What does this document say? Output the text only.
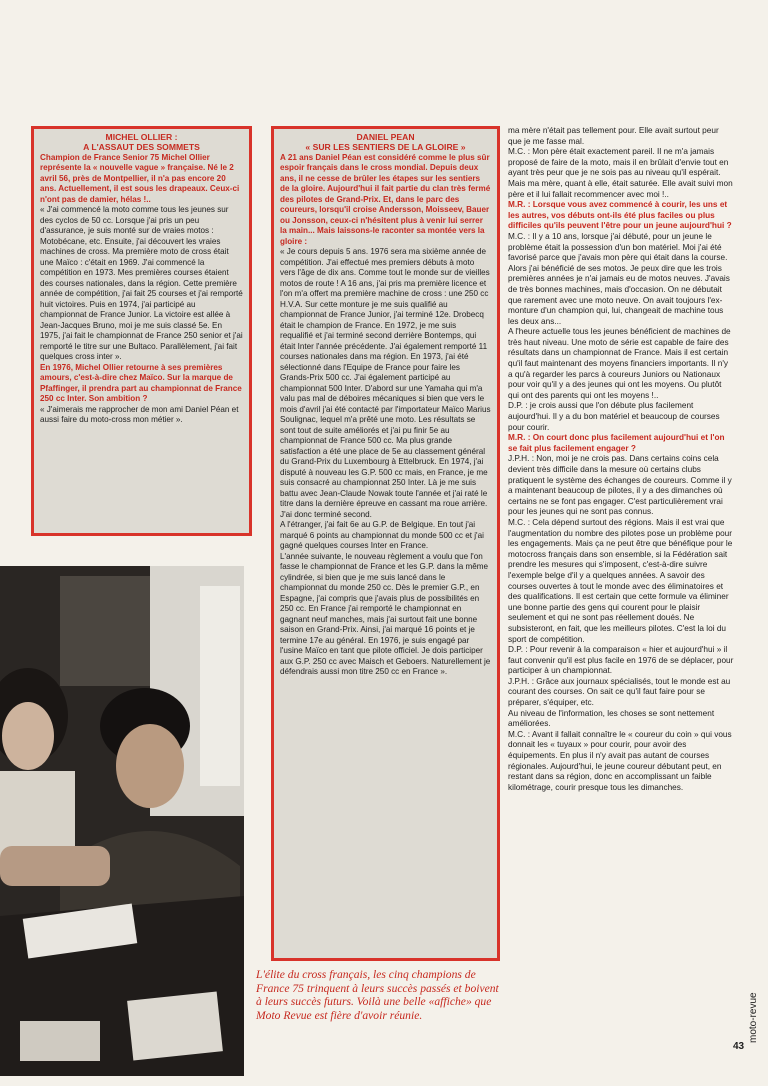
MICHEL OLLIER :
A L'ASSAUT DES SOMMETS

Champion de France Senior 75 Michel Ollier représente la « nouvelle vague » française. Né le 2 avril 56, près de Montpellier, il n'a pas encore 20 ans. Actuellement, il est sous les drapeaux. Ceux-ci n'ont pas de damier, hélas !..

« J'ai commencé la moto comme tous les jeunes sur des cyclos de 50 cc. Lorsque j'ai pris un peu d'assurance, je suis monté sur de vraies motos : Motobécane, etc. Ensuite, j'ai découvert les vraies machines de cross. Ma première moto de cross était une Maïco : c'était en 1969. J'ai commencé la compétition en 1973. Mes premières courses étaient des courses nationales, dans la région. Cette première année de compétition, j'ai fait 25 courses et j'ai remporté huit victoires. Puis en 1974, j'ai participé au championnat de France Junior. La victoire est allée à Jean-Jacques Bruno, moi je me suis classé 5e. En 1975, j'ai fait le championnat de France 250 senior et j'ai remporté le titre sur une Bultaco. Parallèlement, j'ai fait quelques cross inter ».

En 1976, Michel Ollier retourne à ses premières amours, c'est-à-dire chez Maïco. Sur la marque de Pfaffinger, il prendra part au championnat de France 250 cc Inter. Son ambition ?

« J'aimerais me rapprocher de mon ami Daniel Péan et aussi faire du moto-cross mon métier ».

DANIEL PEAN
« SUR LES SENTIERS DE LA GLOIRE »

A 21 ans Daniel Péan est considéré comme le plus sûr espoir français dans le cross mondial. Depuis deux ans, il ne cesse de brûler les étapes sur les sentiers de la gloire. Aujourd'hui il fait partie du clan très fermé des pilotes de Grand-Prix. Et, dans le parc des coureurs, lorsqu'il croise Andersson, Moisseev, Bauer ou Jonsson, ceux-ci n'hésitent plus à venir lui serrer la main... Mais laissons-le raconter sa montée vers la gloire :

« Je cours depuis 5 ans. 1976 sera ma sixième année de compétition. J'ai effectué mes premiers débuts à moto vers l'âge de dix ans. Comme tout le monde sur de vieilles motos de route ! A 16 ans, j'ai pris ma première licence et l'on m'a offert ma première machine de cross : une 250 cc H.V.A. Sur cette monture je me suis qualifié au championnat de France Junior, j'ai terminé 12e. Drobecq était le champion de France. En 1972, je me suis requalifié et j'ai terminé second derrière Bontemps, qui était Inter l'année précédente. J'ai également remporté 11 courses nationales dans ma région. En 1973, j'ai été sélectionné dans l'Equipe de France pour faire les Grands-Prix 500 cc. J'ai également participé au championnat 500 Inter. D'abord sur une Yamaha qui m'a valu pas mal de déboires mécaniques si bien que vers le mois d'avril j'ai été contacté par l'importateur Maïco Marius Soulignac, lequel m'a prêté une moto. Les résultats se sont tout de suite améliorés et j'ai pu finir 5e au championnat de France 500 cc. Ma plus grande satisfaction a été une place de 5e au classement général du Grand-Prix du Luxembourg à Ettelbruck. En 1974, j'ai disputé à nouveau les G.P. 500 cc mais, en France, je me suis consacré au championnat 250 Inter. Là je me suis battu avec Jean-Claude Nowak toute l'année et j'ai raté le titre dans la dernière épreuve en cassant ma roue arrière. J'ai donc terminé second.

A l'étranger, j'ai fait 6e au G.P. de Belgique. En tout j'ai marqué 6 points au championnat du monde 500 cc et j'ai gagné quelques courses Inter en France.

L'année suivante, le nouveau règlement a voulu que l'on fasse le championnat de France et les G.P. dans la même cylindrée, si bien que je me suis lancé dans le championnat du monde 250 cc. Dès le premier G.P., en Espagne, j'ai compris que j'avais plus de possibilités en 250 cc. En France j'ai remporté le championnat en gagnant neuf manches, mais j'ai surtout fait une bonne saison en Grand-Prix. Ainsi, j'ai marqué 16 points et je termine 17e au général. En 1976, je suis engagé par l'usine Maïco en tant que pilote officiel. Je dois participer aux G.P. 250 cc avec Maisch et Geboers. Naturellement je défendrais aussi mon titre 250 cc en France ».

ma mère n'était pas tellement pour. Elle avait surtout peur que je me fasse mal.

M.C. : Mon père était exactement pareil. Il ne m'a jamais proposé de faire de la moto, mais il en brûlait d'envie tout en ayant très peur que je ne sois pas au niveau qu'il espérait. Mais ma mère, quant à elle, était saturée. Elle avait suivi mon père et il lui fallait recommencer avec moi !..

M.R. : Lorsque vous avez commencé à courir, les uns et les autres, vos débuts ont-ils été plus faciles ou plus difficiles qu'ils peuvent l'être pour un jeune aujourd'hui ?

M.C. : Il y a 10 ans, lorsque j'ai débuté, pour un jeune le problème était la possession d'un bon matériel. Moi j'ai été favorisé parce que j'avais mon père qui était dans la course. Alors j'ai bénéficié de ses motos. Je peux dire que les trois premières années je n'ai jamais eu de motos neuves. J'avais de très bonnes machines, mais d'occasion. On ne débutait que rarement avec une moto neuve. On avait toujours l'ex-monture d'un champion qui, lui, changeait de machine tous les deux ans...

A l'heure actuelle tous les jeunes bénéficient de machines de très haut niveau. Une moto de série est capable de faire des résultats dans un championnat de France. Mais il est certain qu'il faut maintenant des moyens financiers importants. Il n'y a qu'à regarder les parcs à coureurs Juniors ou Nationaux pour voir qu'il y a des jeunes qui ont les moyens. Ou plutôt qui ont des parents qui ont les moyens !..

D.P. : je crois aussi que l'on débute plus facilement aujourd'hui. Il y a du bon matériel et beaucoup de courses pour courir.

M.R. : On court donc plus facilement aujourd'hui et l'on se fait plus facilement engager ?

J.P.H. : Non, moi je ne crois pas. Dans certains coins cela devient très difficile dans la mesure où certains clubs pratiquent le système des échanges de coureurs. Comme il y a maintenant beaucoup de pilotes, il y a des dimanches où certains ne se font pas engager. C'est particulièrement vrai pour les jeunes qui ne sont pas connus.

M.C. : Cela dépend surtout des régions. Mais il est vrai que l'augmentation du nombre des pilotes pose un problème pour les engagements. Mais ça ne peut être que bénéfique pour le motocross français dans son ensemble, si la Fédération sait prendre les mesures qui s'imposent, c'est-à-dire suivre l'exemple belge d'il y a quelques années. A savoir des courses ouvertes à tout le monde avec des éliminatoires et des qualifications. Il est certain que cette formule va éliminer une bonne partie des gens qui courent pour le plaisir seulement et qui ne sont pas réellement doués. Ne subsisteront, en fait, que les meilleurs pilotes. C'est la loi du sport de compétition.

D.P. : Pour revenir à la comparaison « hier et aujourd'hui » il faut convenir qu'il est plus facile en 1976 de se déplacer, pour participer à un championnat.

J.P.H. : Grâce aux journaux spécialisés, tout le monde est au courant des courses. On sait ce qu'il faut faire pour se préparer, s'équiper, etc.

Au niveau de l'information, les choses se sont nettement améliorées.

M.C. : Avant il fallait connaître le « coureur du coin » qui vous donnait les « tuyaux » pour courir, pour avoir des équipements. En plus il n'y avait pas autant de courses régionales. Aujourd'hui, le jeune coureur débutant peut, en restant dans sa région, donc en accomplissant un faible kilométrage, courir presque tous les dimanches.

L'élite du cross français, les cinq champions de France 75 trinquent à leurs succès passés et boivent à leurs succès futurs. Voilà une belle «affiche» que Moto Revue est fière d'avoir réunie.	moto-revue
43
